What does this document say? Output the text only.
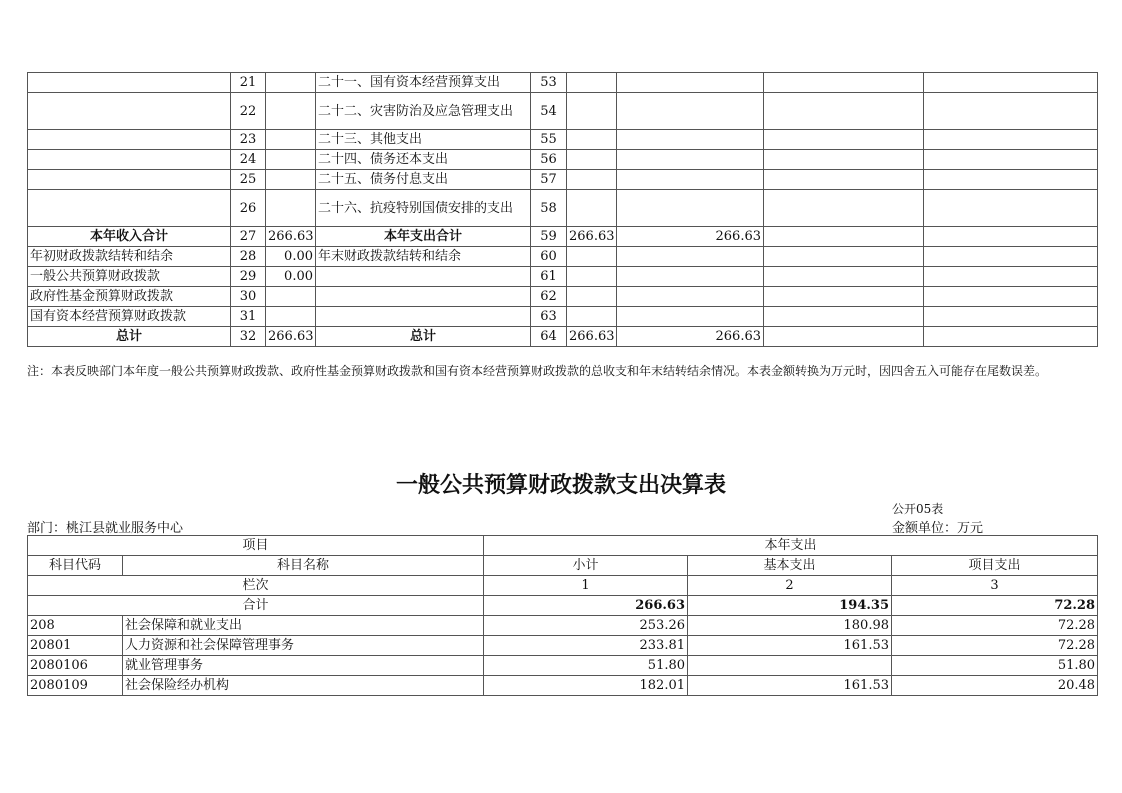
	21		二十一、国有资本经营预算支出	53				
	22		二十二、灾害防治及应急管理支出	54				
	23		二十三、其他支出	55				
	24		二十四、债务还本支出	56				
	25		二十五、债务付息支出	57				
	26		二十六、抗疫特别国债安排的支出	58				
本年收入合计	27	266.63	本年支出合计	59	266.63	266.63		
年初财政拨款结转和结余	28	0.00	年末财政拨款结转和结余	60				
一般公共预算财政拨款	29	0.00		61				
政府性基金预算财政拨款	30			62				
国有资本经营预算财政拨款	31			63				
总计	32	266.63	总计	64	266.63	266.63		
注：本表反映部门本年度一般公共预算财政拨款、政府性基金预算财政拨款和国有资本经营预算财政拨款的总收支和年末结转结余情况。本表金额转换为万元时，因四舍五入可能存在尾数误差。
一般公共预算财政拨款支出决算表
公开05表
部门：桃江县就业服务中心	金额单位：万元
项目		本年支出		
科目代码	科目名称	小计	基本支出	项目支出
栏次		1	2	3
合计		266.63	194.35	72.28
208	社会保障和就业支出	253.26	180.98	72.28
20801	人力资源和社会保障管理事务	233.81	161.53	72.28
2080106	就业管理事务	51.80		51.80
2080109	社会保险经办机构	182.01	161.53	20.48
